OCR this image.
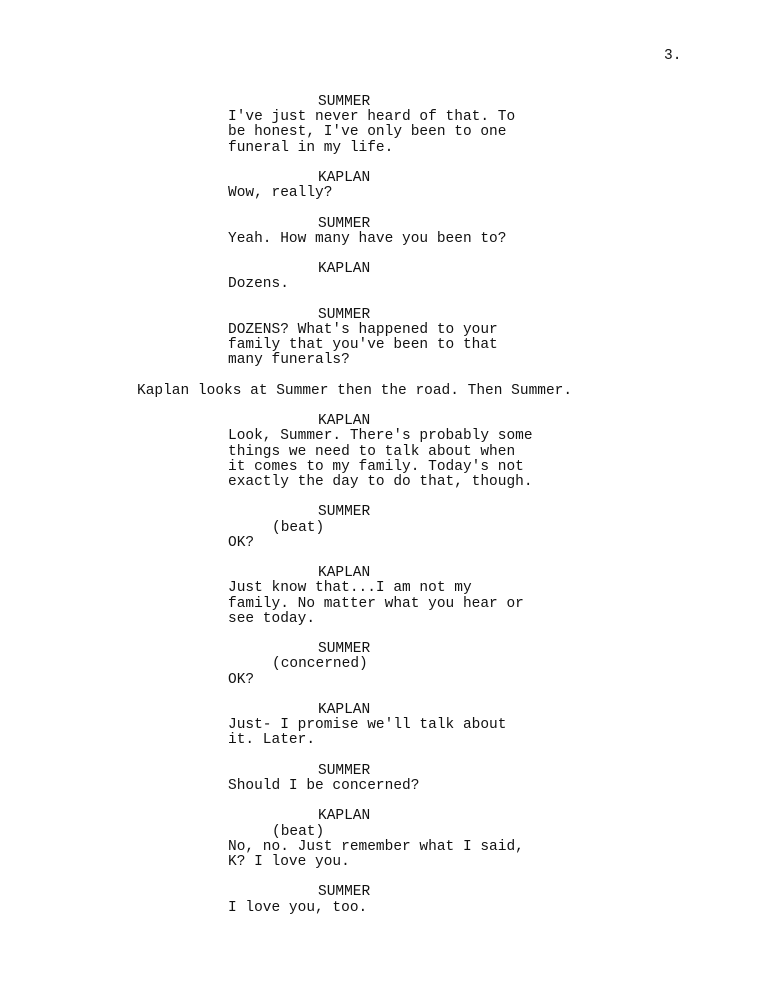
3.
SUMMER
I've just never heard of that. To
be honest, I've only been to one
funeral in my life.
KAPLAN
Wow, really?
SUMMER
Yeah. How many have you been to?
KAPLAN
Dozens.
SUMMER
DOZENS? What's happened to your
family that you've been to that
many funerals?
Kaplan looks at Summer then the road. Then Summer.
KAPLAN
Look, Summer. There's probably some
things we need to talk about when
it comes to my family. Today's not
exactly the day to do that, though.
SUMMER
(beat)
OK?
KAPLAN
Just know that...I am not my
family. No matter what you hear or
see today.
SUMMER
(concerned)
OK?
KAPLAN
Just- I promise we'll talk about
it. Later.
SUMMER
Should I be concerned?
KAPLAN
(beat)
No, no. Just remember what I said,
K? I love you.
SUMMER
I love you, too.
